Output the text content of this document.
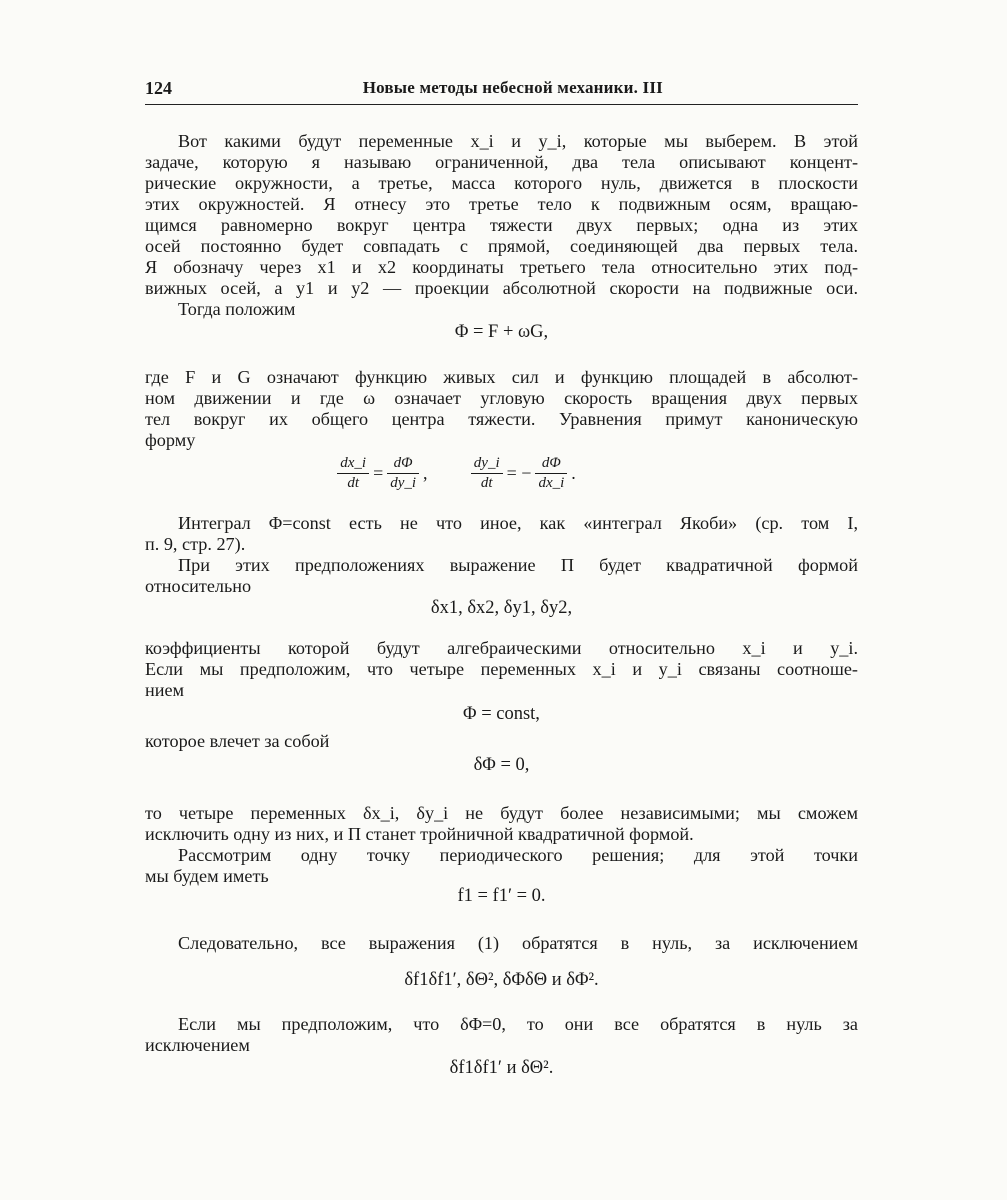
124	Новые методы небесной механики. III
Вот какими будут переменные x_i и y_i, которые мы выберем. В этой
задаче, которую я называю ограниченной, два тела описывают концент-
рические окружности, а третье, масса которого нуль, движется в плоскости
этих окружностей. Я отнесу это третье тело к подвижным осям, вращаю-
щимся равномерно вокруг центра тяжести двух первых; одна из этих
осей постоянно будет совпадать с прямой, соединяющей два первых тела.
Я обозначу через x1 и x2 координаты третьего тела относительно этих под-
вижных осей, а y1 и y2 — проекции абсолютной скорости на подвижные оси.
Тогда положим
Φ = F + ωG,
где F и G означают функцию живых сил и функцию площадей в абсолют-
ном движении и где ω означает угловую скорость вращения двух первых
тел вокруг их общего центра тяжести. Уравнения примут каноническую
форму
$\frac{dx\_i}{dt} = \frac{d\Phi}{dy\_i}$ ,	$\frac{dy\_i}{dt}$ = − $\frac{d\Phi}{dx\_i}$ .
Интеграл Φ=const есть не что иное, как «интеграл Якоби» (ср. том I,
п. 9, стр. 27).
При этих предположениях выражение П будет квадратичной формой
относительно
δx1, δx2, δy1, δy2,
коэффициенты которой будут алгебраическими относительно x_i и y_i.
Если мы предположим, что четыре переменных x_i и y_i связаны соотноше-
нием
Φ = const,
которое влечет за собой
δΦ = 0,
то четыре переменных δx_i, δy_i не будут более независимыми; мы сможем
исключить одну из них, и П станет тройничной квадратичной формой.
Рассмотрим одну точку периодического решения; для этой точки
мы будем иметь
f1 = f1′ = 0.
Следовательно, все выражения (1) обратятся в нуль, за исключением
δf1δf1′, δΘ², δΦδΘ и δΦ².
Если мы предположим, что δΦ=0, то они все обратятся в нуль за
исключением
δf1δf1′ и δΘ².
